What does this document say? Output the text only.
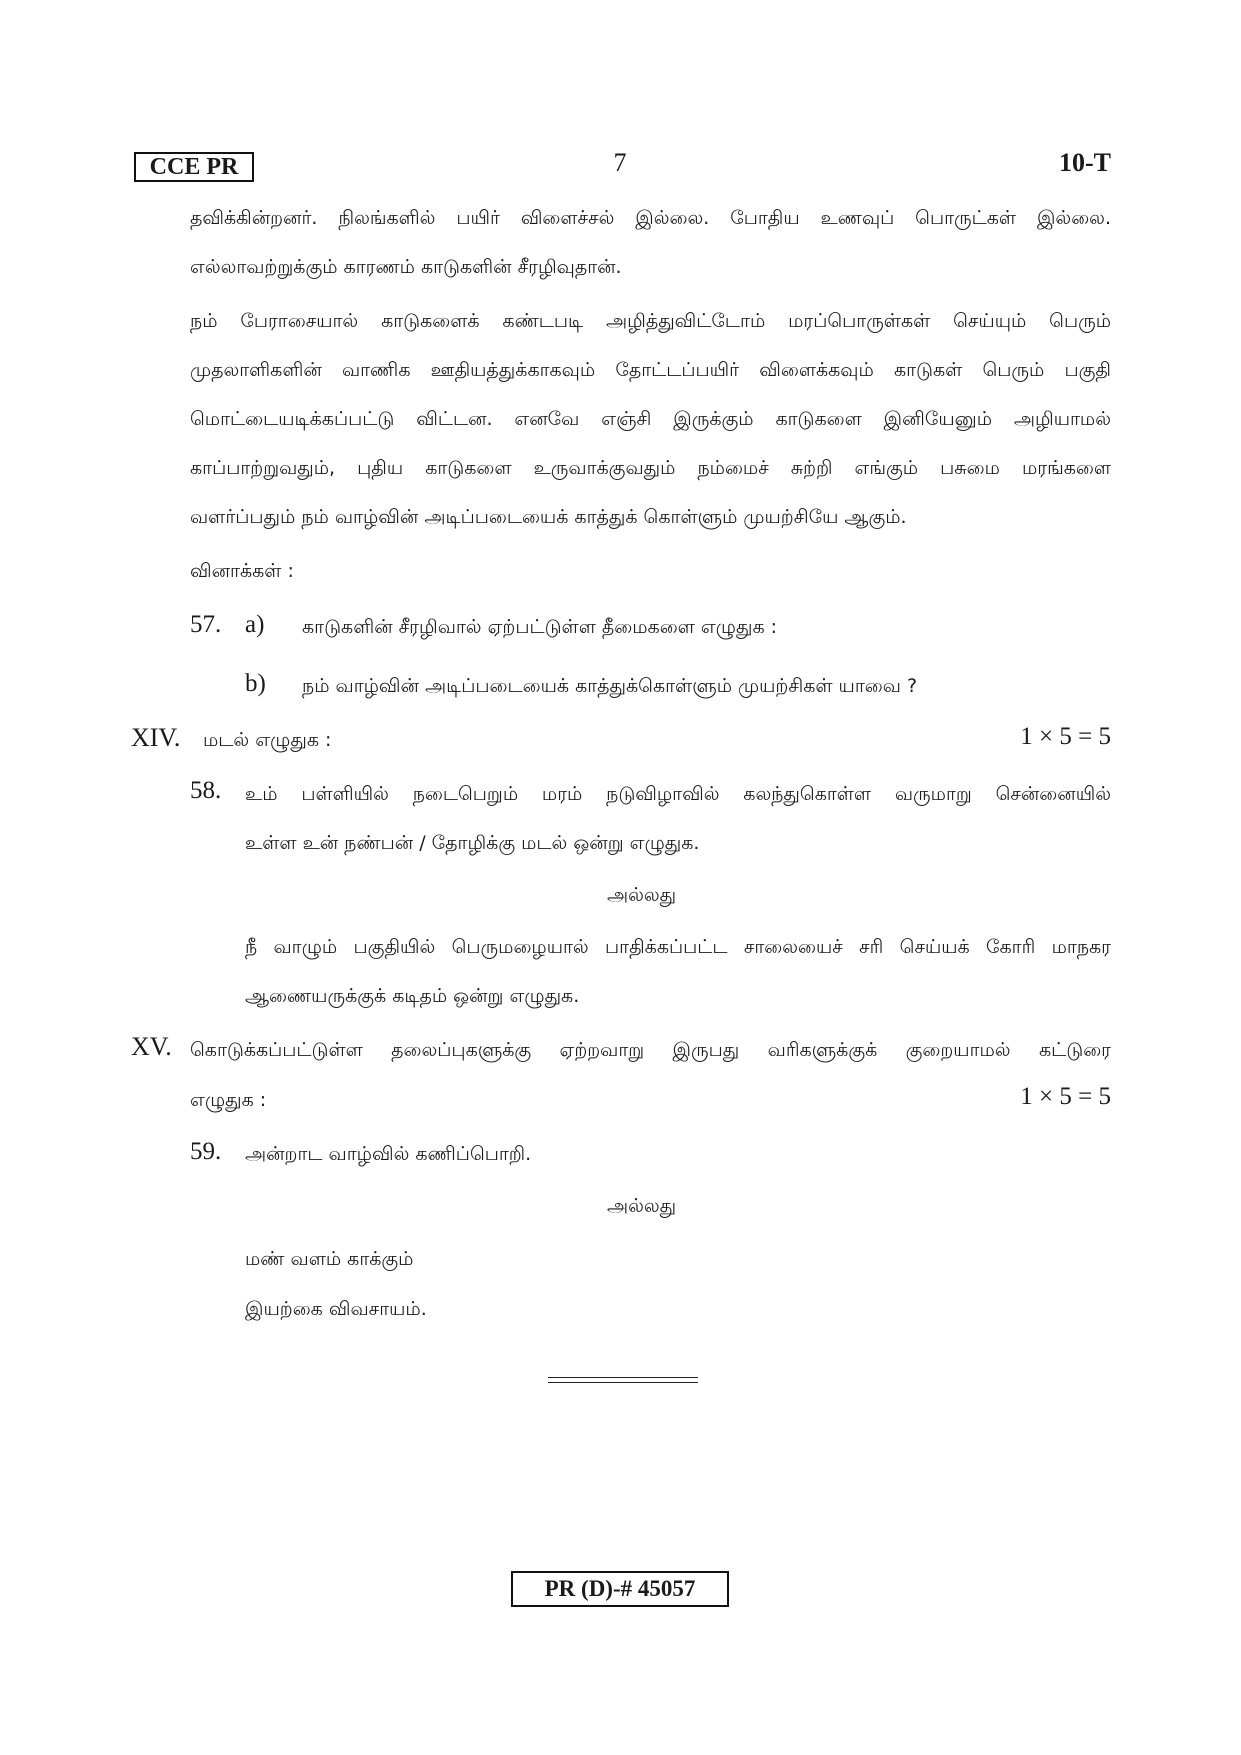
CCE PR	7	10-T
தவிக்கின்றனர். நிலங்களில் பயிர் விளைச்சல் இல்லை. போதிய உணவுப் பொருட்கள் இல்லை.
எல்லாவற்றுக்கும் காரணம் காடுகளின் சீரழிவுதான்.
நம் பேராசையால் காடுகளைக் கண்டபடி அழித்துவிட்டோம் மரப்பொருள்கள் செய்யும் பெரும்
முதலாளிகளின் வாணிக ஊதியத்துக்காகவும் தோட்டப்பயிர் விளைக்கவும் காடுகள் பெரும் பகுதி
மொட்டையடிக்கப்பட்டு விட்டன. எனவே எஞ்சி இருக்கும் காடுகளை இனியேனும் அழியாமல்
காப்பாற்றுவதும், புதிய காடுகளை உருவாக்குவதும் நம்மைச் சுற்றி எங்கும் பசுமை மரங்களை
வளர்ப்பதும் நம் வாழ்வின் அடிப்படையைக் காத்துக் கொள்ளும் முயற்சியே ஆகும்.
வினாக்கள் :
57. a) காடுகளின் சீரழிவால் ஏற்பட்டுள்ள தீமைகளை எழுதுக :
b) நம் வாழ்வின் அடிப்படையைக் காத்துக்கொள்ளும் முயற்சிகள் யாவை ?
XIV. மடல் எழுதுக :	1 × 5 = 5
58. உம் பள்ளியில் நடைபெறும் மரம் நடுவிழாவில் கலந்துகொள்ள வருமாறு சென்னையில்
உள்ள உன் நண்பன் / தோழிக்கு மடல் ஒன்று எழுதுக.
அல்லது
நீ வாழும் பகுதியில் பெருமழையால் பாதிக்கப்பட்ட சாலையைச் சரி செய்யக் கோரி மாநகர
ஆணையருக்குக் கடிதம் ஒன்று எழுதுக.
XV. கொடுக்கப்பட்டுள்ள தலைப்புகளுக்கு ஏற்றவாறு இருபது வரிகளுக்குக் குறையாமல் கட்டுரை
எழுதுக :	1 × 5 = 5
59. அன்றாட வாழ்வில் கணிப்பொறி.
அல்லது
மண் வளம் காக்கும்
இயற்கை விவசாயம்.
PR (D)-# 45057
